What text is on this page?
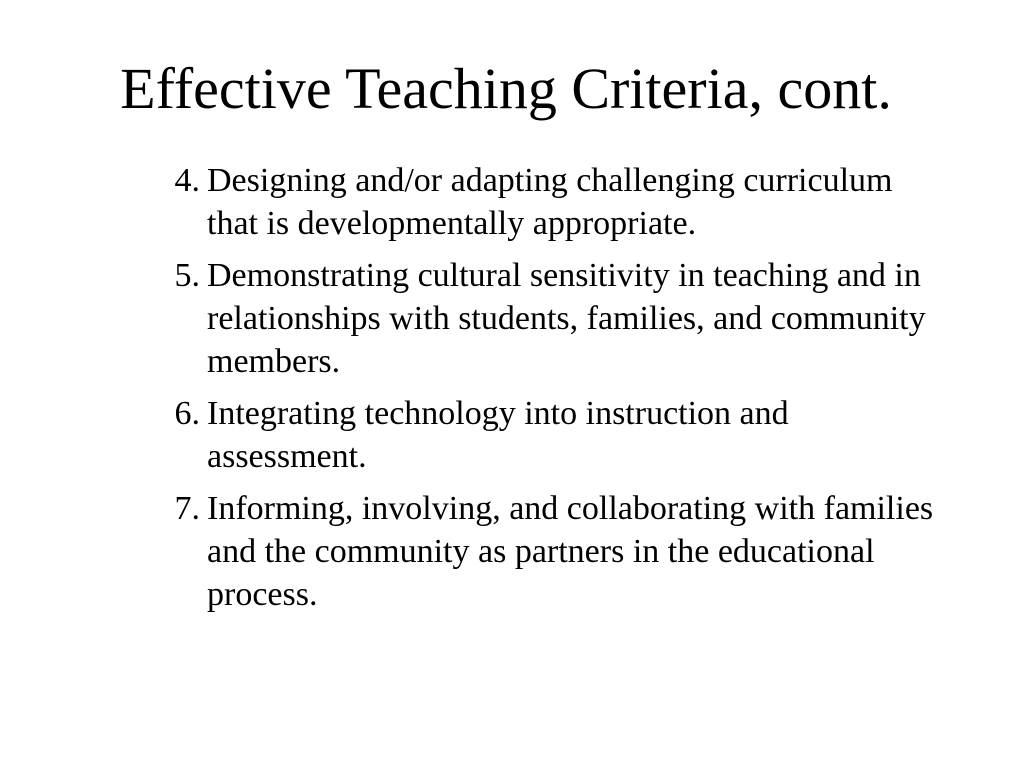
Effective Teaching Criteria, cont.
4. Designing and/or adapting challenging curriculum that is developmentally appropriate.
5. Demonstrating cultural sensitivity in teaching and in relationships with students, families, and community members.
6. Integrating technology into instruction and assessment.
7. Informing, involving, and collaborating with families and the community as partners in the educational process.
